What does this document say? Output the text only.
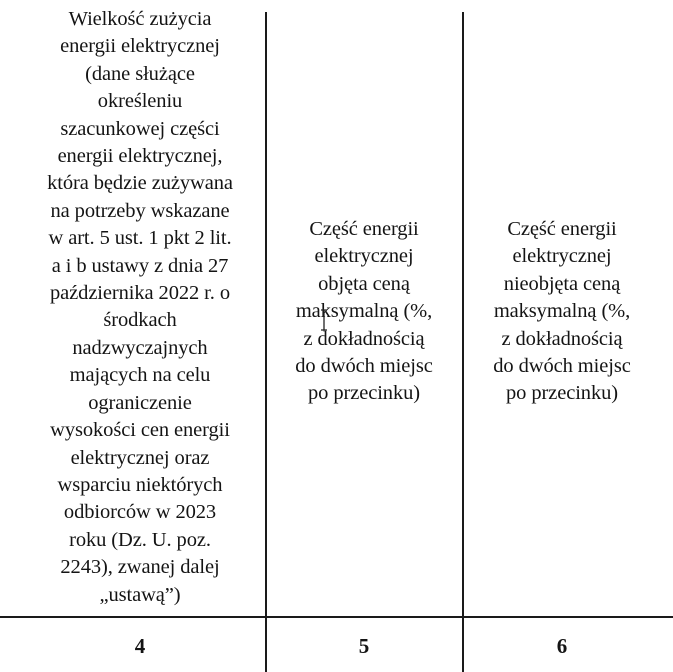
Wielkość zużycia
energii elektrycznej
(dane służące
określeniu
szacunkowej części
energii elektrycznej,
która będzie zużywana
na potrzeby wskazane
w art. 5 ust. 1 pkt 2 lit.
a i b ustawy z dnia 27
października 2022 r. o
środkach
nadzwyczajnych
mających na celu
ograniczenie
wysokości cen energii
elektrycznej oraz
wsparciu niektórych
odbiorców w 2023
roku (Dz. U. poz.
2243), zwanej dalej
„ustawą”)
Część energii
elektrycznej
objęta ceną
maksymalną (%,
z dokładnością
do dwóch miejsc
po przecinku)
Część energii
elektrycznej
nieobjęta ceną
maksymalną (%,
z dokładnością
do dwóch miejsc
po przecinku)
4	5	6
